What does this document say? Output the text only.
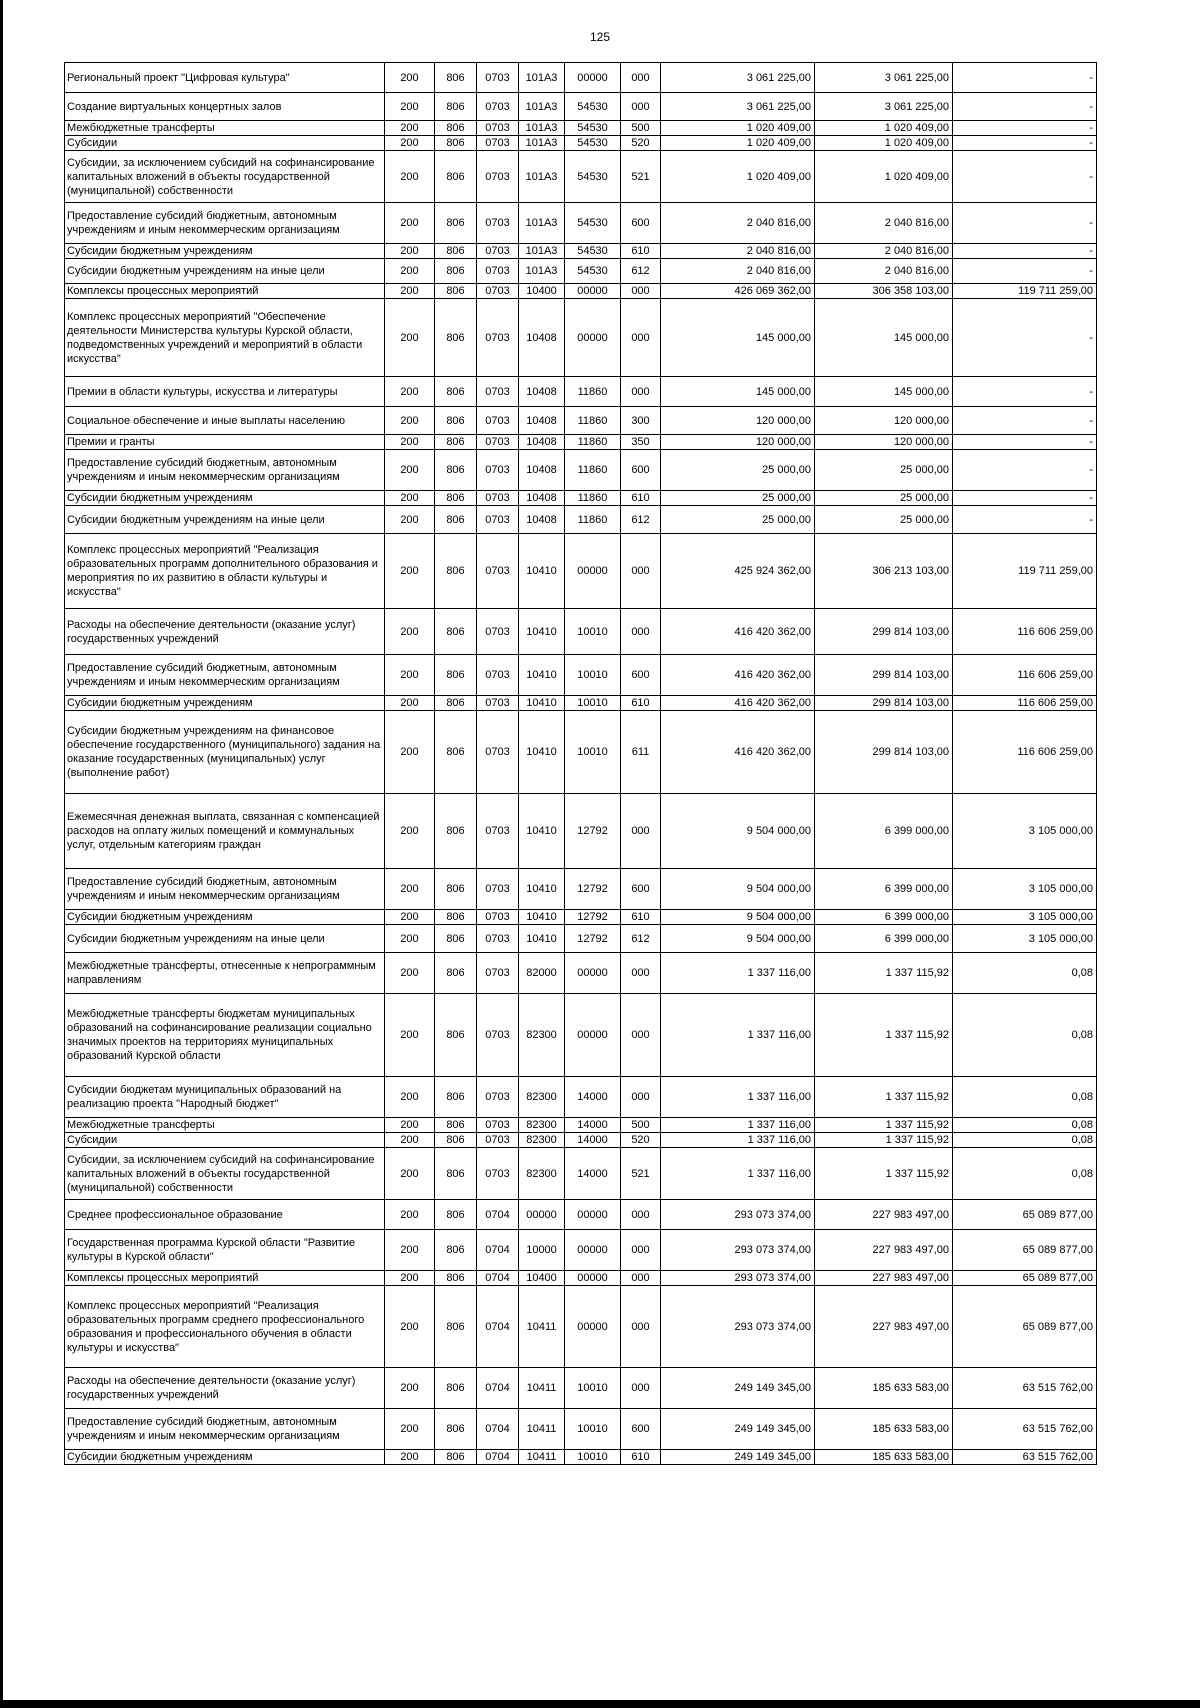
125
Региональный проект "Цифровая культура"	200	806	0703	101А3	00000	000	3 061 225,00	3 061 225,00	-
Создание виртуальных концертных залов	200	806	0703	101А3	54530	000	3 061 225,00	3 061 225,00	-
Межбюджетные трансферты	200	806	0703	101А3	54530	500	1 020 409,00	1 020 409,00	-
Субсидии	200	806	0703	101А3	54530	520	1 020 409,00	1 020 409,00	-
Субсидии, за исключением субсидий на софинансирование капитальных вложений в объекты государственной (муниципальной) собственности	200	806	0703	101А3	54530	521	1 020 409,00	1 020 409,00	-
Предоставление субсидий бюджетным, автономным учреждениям и иным некоммерческим организациям	200	806	0703	101А3	54530	600	2 040 816,00	2 040 816,00	-
Субсидии бюджетным учреждениям	200	806	0703	101А3	54530	610	2 040 816,00	2 040 816,00	-
Субсидии бюджетным учреждениям на иные цели	200	806	0703	101А3	54530	612	2 040 816,00	2 040 816,00	-
Комплексы процессных мероприятий	200	806	0703	10400	00000	000	426 069 362,00	306 358 103,00	119 711 259,00
Комплекс процессных мероприятий "Обеспечение деятельности Министерства культуры Курской области, подведомственных учреждений и мероприятий в области искусства"	200	806	0703	10408	00000	000	145 000,00	145 000,00	-
Премии в области культуры, искусства и литературы	200	806	0703	10408	11860	000	145 000,00	145 000,00	-
Социальное обеспечение и иные выплаты населению	200	806	0703	10408	11860	300	120 000,00	120 000,00	-
Премии и гранты	200	806	0703	10408	11860	350	120 000,00	120 000,00	-
Предоставление субсидий бюджетным, автономным учреждениям и иным некоммерческим организациям	200	806	0703	10408	11860	600	25 000,00	25 000,00	-
Субсидии бюджетным учреждениям	200	806	0703	10408	11860	610	25 000,00	25 000,00	-
Субсидии бюджетным учреждениям на иные цели	200	806	0703	10408	11860	612	25 000,00	25 000,00	-
Комплекс процессных мероприятий "Реализация образовательных программ дополнительного образования и мероприятия по их развитию в области культуры и искусства"	200	806	0703	10410	00000	000	425 924 362,00	306 213 103,00	119 711 259,00
Расходы на обеспечение деятельности (оказание услуг) государственных учреждений	200	806	0703	10410	10010	000	416 420 362,00	299 814 103,00	116 606 259,00
Предоставление субсидий бюджетным, автономным учреждениям и иным некоммерческим организациям	200	806	0703	10410	10010	600	416 420 362,00	299 814 103,00	116 606 259,00
Субсидии бюджетным учреждениям	200	806	0703	10410	10010	610	416 420 362,00	299 814 103,00	116 606 259,00
Субсидии бюджетным учреждениям на финансовое обеспечение государственного (муниципального) задания на оказание государственных (муниципальных) услуг (выполнение работ)	200	806	0703	10410	10010	611	416 420 362,00	299 814 103,00	116 606 259,00
Ежемесячная денежная выплата, связанная с компенсацией расходов на оплату жилых помещений и коммунальных услуг, отдельным категориям граждан	200	806	0703	10410	12792	000	9 504 000,00	6 399 000,00	3 105 000,00
Предоставление субсидий бюджетным, автономным учреждениям и иным некоммерческим организациям	200	806	0703	10410	12792	600	9 504 000,00	6 399 000,00	3 105 000,00
Субсидии бюджетным учреждениям	200	806	0703	10410	12792	610	9 504 000,00	6 399 000,00	3 105 000,00
Субсидии бюджетным учреждениям на иные цели	200	806	0703	10410	12792	612	9 504 000,00	6 399 000,00	3 105 000,00
Межбюджетные трансферты, отнесенные к непрограммным направлениям	200	806	0703	82000	00000	000	1 337 116,00	1 337 115,92	0,08
Межбюджетные трансферты бюджетам муниципальных образований на софинансирование реализации социально значимых проектов на территориях муниципальных образований Курской области	200	806	0703	82300	00000	000	1 337 116,00	1 337 115,92	0,08
Субсидии бюджетам муниципальных образований на реализацию проекта "Народный бюджет"	200	806	0703	82300	14000	000	1 337 116,00	1 337 115,92	0,08
Межбюджетные трансферты	200	806	0703	82300	14000	500	1 337 116,00	1 337 115,92	0,08
Субсидии	200	806	0703	82300	14000	520	1 337 116,00	1 337 115,92	0,08
Субсидии, за исключением субсидий на софинансирование капитальных вложений в объекты государственной (муниципальной) собственности	200	806	0703	82300	14000	521	1 337 116,00	1 337 115,92	0,08
Среднее профессиональное образование	200	806	0704	00000	00000	000	293 073 374,00	227 983 497,00	65 089 877,00
Государственная программа Курской области "Развитие культуры в Курской области"	200	806	0704	10000	00000	000	293 073 374,00	227 983 497,00	65 089 877,00
Комплексы процессных мероприятий	200	806	0704	10400	00000	000	293 073 374,00	227 983 497,00	65 089 877,00
Комплекс процессных мероприятий "Реализация образовательных программ среднего профессионального образования и профессионального обучения в области культуры и искусства"	200	806	0704	10411	00000	000	293 073 374,00	227 983 497,00	65 089 877,00
Расходы на обеспечение деятельности (оказание услуг) государственных учреждений	200	806	0704	10411	10010	000	249 149 345,00	185 633 583,00	63 515 762,00
Предоставление субсидий бюджетным, автономным учреждениям и иным некоммерческим организациям	200	806	0704	10411	10010	600	249 149 345,00	185 633 583,00	63 515 762,00
Субсидии бюджетным учреждениям	200	806	0704	10411	10010	610	249 149 345,00	185 633 583,00	63 515 762,00
